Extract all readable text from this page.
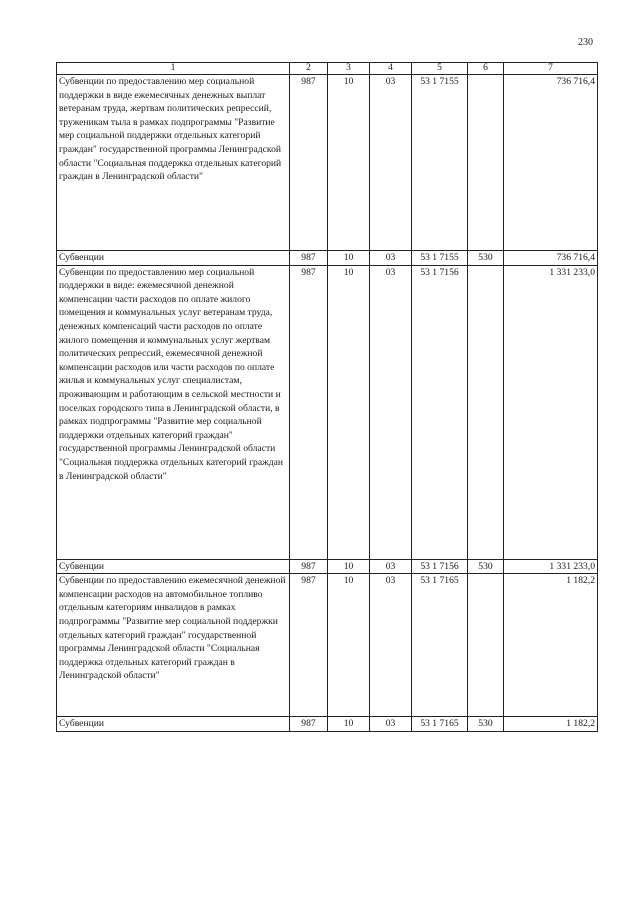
230
1	2	3	4	5	6	7
Субвенции по предоставлению мер социальной поддержки в виде ежемесячных денежных выплат ветеранам труда, жертвам политических репрессий, труженикам тыла в рамках подпрограммы "Развитие мер социальной поддержки отдельных категорий граждан" государственной программы Ленинградской области "Социальная поддержка отдельных категорий граждан в Ленинградской области"	987	10	03	53 1 7155		736 716,4
Субвенции	987	10	03	53 1 7155	530	736 716,4
Субвенции по предоставлению мер социальной поддержки в виде: ежемесячной денежной компенсации части расходов по оплате жилого помещения и коммунальных услуг ветеранам труда, денежных компенсаций части расходов по оплате жилого помещения и коммунальных услуг жертвам политических репрессий, ежемесячной денежной компенсации расходов или части расходов по оплате жилья и коммунальных услуг специалистам, проживающим и работающим в сельской местности и поселках городского типа в Ленинградской области, в рамках подпрограммы "Развитие мер социальной поддержки отдельных категорий граждан" государственной программы Ленинградской области "Социальная поддержка отдельных категорий граждан в Ленинградской области"	987	10	03	53 1 7156		1 331 233,0
Субвенции	987	10	03	53 1 7156	530	1 331 233,0
Субвенции по предоставлению ежемесячной денежной компенсации расходов на автомобильное топливо отдельным категориям инвалидов в рамках подпрограммы "Развитие мер социальной поддержки отдельных категорий граждан" государственной программы Ленинградской области "Социальная поддержка отдельных категорий граждан в Ленинградской области"	987	10	03	53 1 7165		1 182,2
Субвенции	987	10	03	53 1 7165	530	1 182,2
